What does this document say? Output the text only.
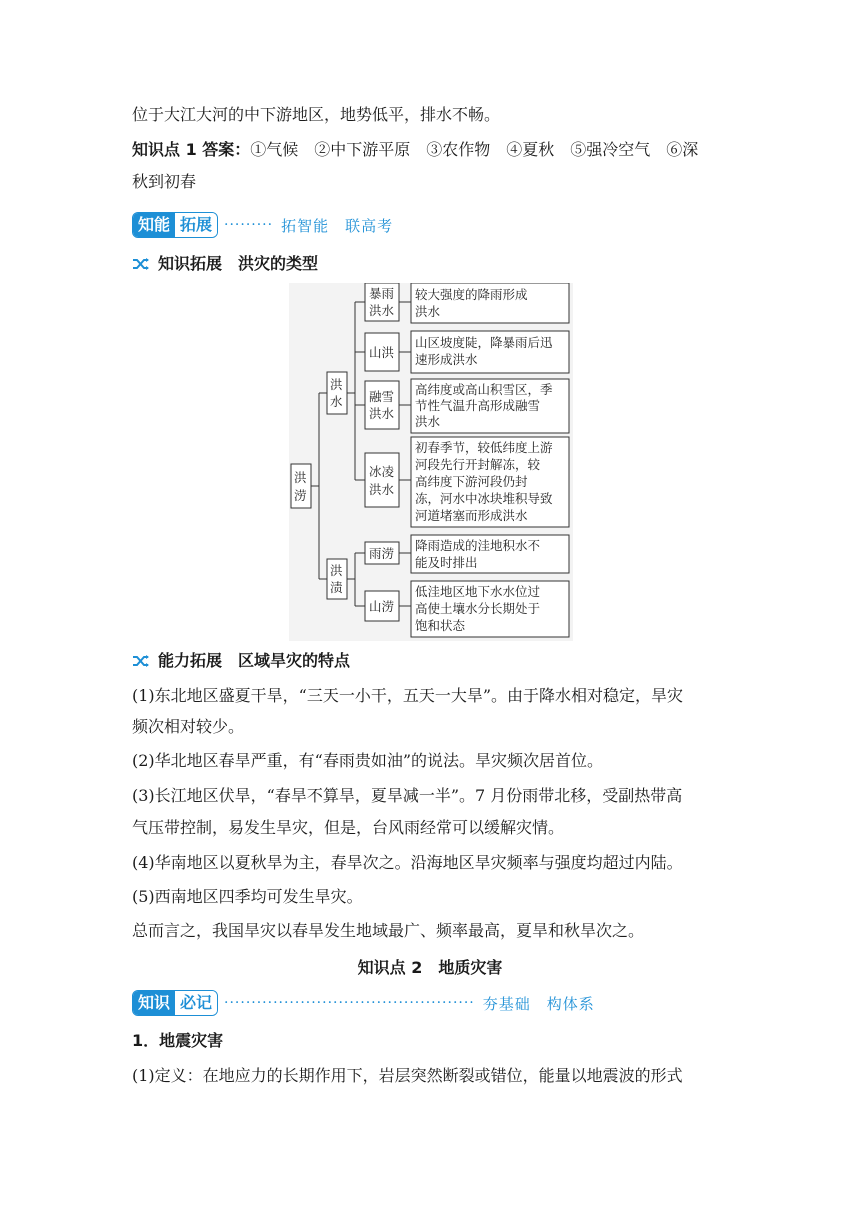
位于大江大河的中下游地区，地势低平，排水不畅。
知识点 1 答案：①气候　②中下游平原　③农作物　④夏秋　⑤强冷空气　⑥深
秋到初春
知能 拓展 ········· 拓智能　联高考
知识拓展　洪灾的类型
洪
涝
洪
水
洪
渍
暴雨
洪水
山洪
融雪
洪水
冰凌
洪水
雨涝
山涝
较大强度的降雨形成
洪水
山区坡度陡，降暴雨后迅
速形成洪水
高纬度或高山积雪区，季
节性气温升高形成融雪
洪水
初春季节，较低纬度上游
河段先行开封解冻，较
高纬度下游河段仍封
冻，河水中冰块堆积导致
河道堵塞而形成洪水
降雨造成的洼地积水不
能及时排出
低洼地区地下水水位过
高使土壤水分长期处于
饱和状态
能力拓展　区域旱灾的特点
(1)东北地区盛夏干旱，“三天一小干，五天一大旱”。由于降水相对稳定，旱灾
频次相对较少。
(2)华北地区春旱严重，有“春雨贵如油”的说法。旱灾频次居首位。
(3)长江地区伏旱，“春旱不算旱，夏旱减一半”。7 月份雨带北移，受副热带高
气压带控制，易发生旱灾，但是，台风雨经常可以缓解灾情。
(4)华南地区以夏秋旱为主，春旱次之。沿海地区旱灾频率与强度均超过内陆。
(5)西南地区四季均可发生旱灾。
总而言之，我国旱灾以春旱发生地域最广、频率最高，夏旱和秋旱次之。
知识点 2　地质灾害
知识 必记 ·············································· 夯基础　构体系
1．地震灾害
(1)定义：在地应力的长期作用下，岩层突然断裂或错位，能量以地震波的形式
